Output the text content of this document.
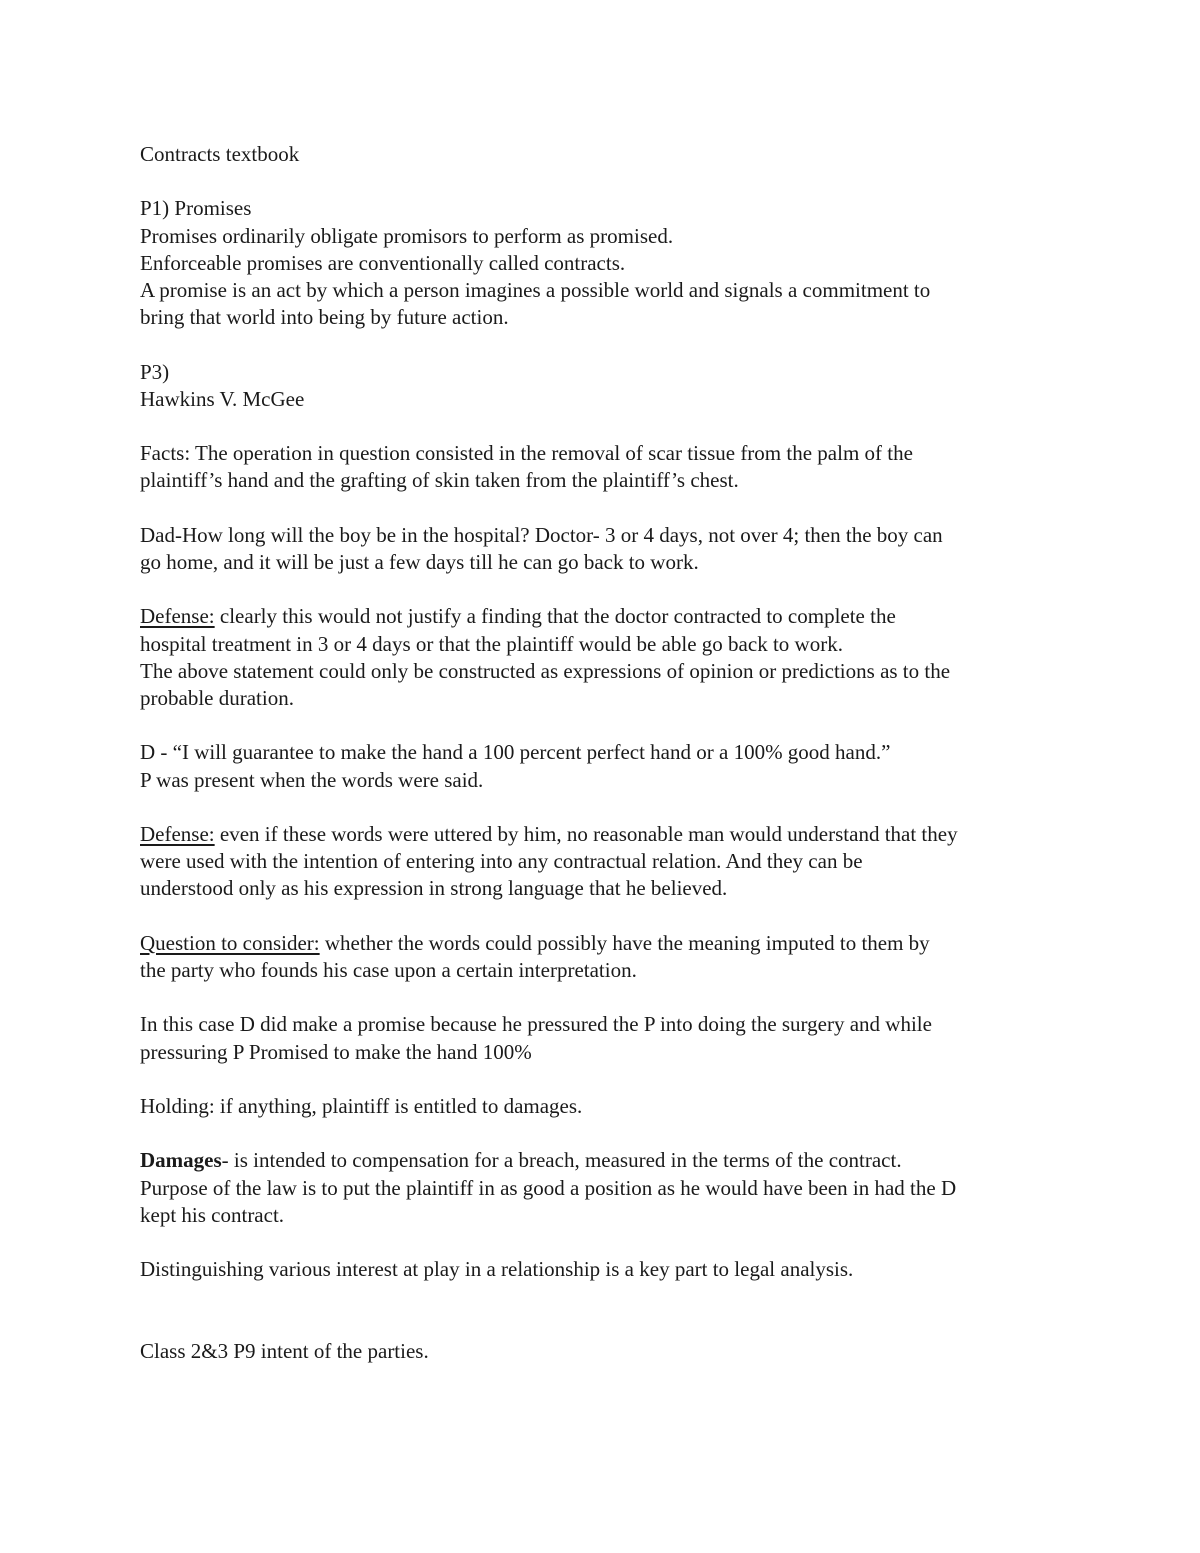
Contracts textbook
P1) Promises
Promises ordinarily obligate promisors to perform as promised.
Enforceable promises are conventionally called contracts.
A promise is an act by which a person imagines a possible world and signals a commitment to
bring that world into being by future action.
P3)
Hawkins V. McGee
Facts: The operation in question consisted in the removal of scar tissue from the palm of the
plaintiff’s hand and the grafting of skin taken from the plaintiff’s chest.
Dad-How long will the boy be in the hospital? Doctor- 3 or 4 days, not over 4; then the boy can
go home, and it will be just a few days till he can go back to work.
Defense: clearly this would not justify a finding that the doctor contracted to complete the
hospital treatment in 3 or 4 days or that the plaintiff would be able go back to work.
The above statement could only be constructed as expressions of opinion or predictions as to the
probable duration.
D - “I will guarantee to make the hand a 100 percent perfect hand or a 100% good hand.”
P was present when the words were said.
Defense: even if these words were uttered by him, no reasonable man would understand that they
were used with the intention of entering into any contractual relation. And they can be
understood only as his expression in strong language that he believed.
Question to consider: whether the words could possibly have the meaning imputed to them by
the party who founds his case upon a certain interpretation.
In this case D did make a promise because he pressured the P into doing the surgery and while
pressuring P Promised to make the hand 100%
Holding: if anything, plaintiff is entitled to damages.
Damages- is intended to compensation for a breach, measured in the terms of the contract.
Purpose of the law is to put the plaintiff in as good a position as he would have been in had the D
kept his contract.
Distinguishing various interest at play in a relationship is a key part to legal analysis.
Class 2&3 P9 intent of the parties.
